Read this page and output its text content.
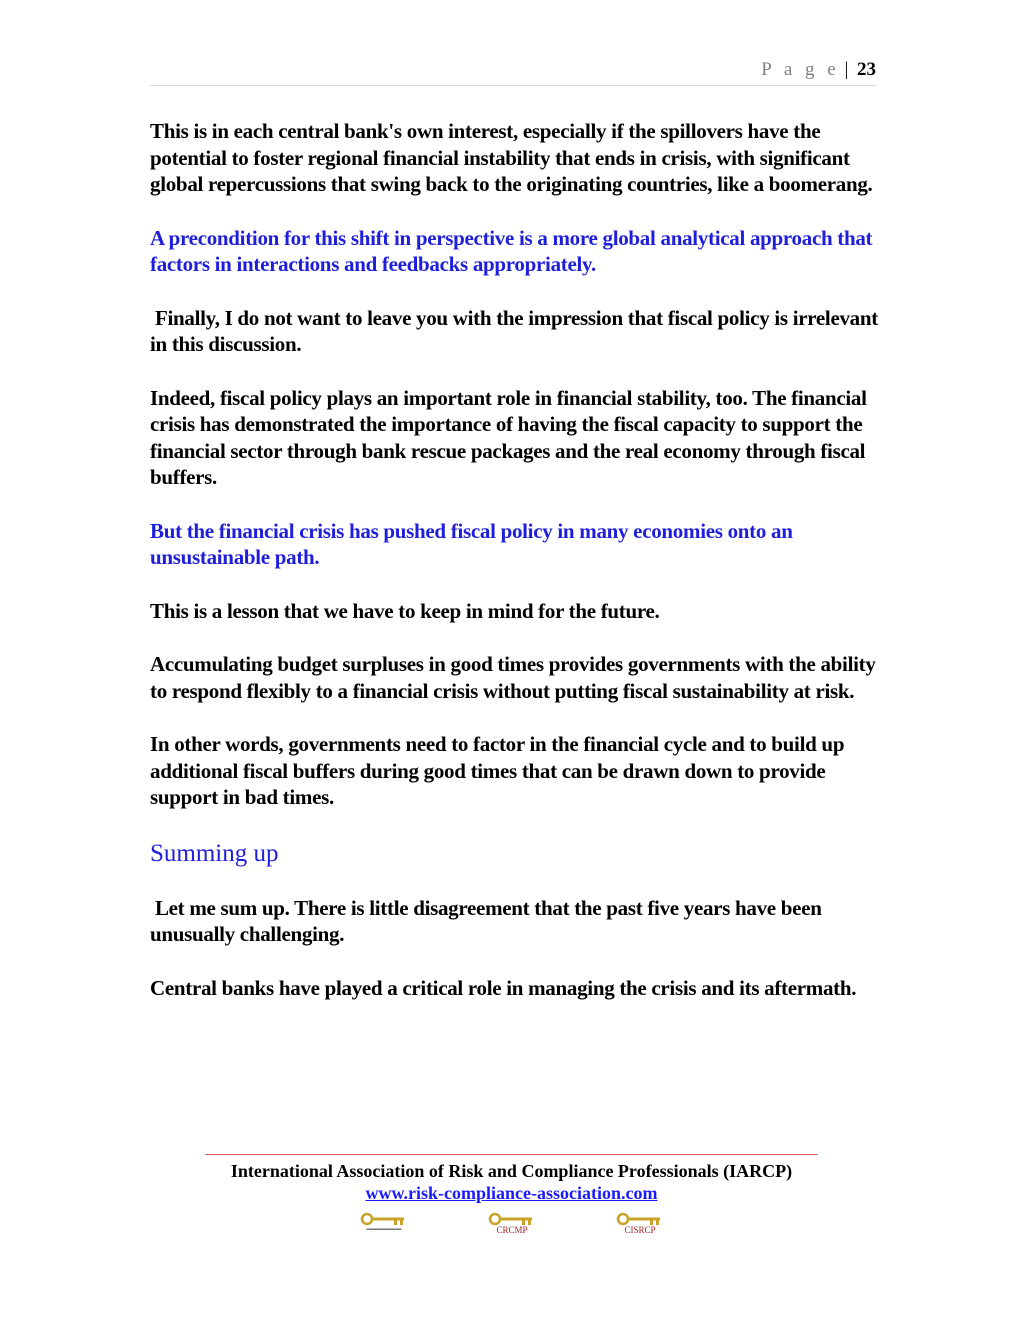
P a g e | 23

This is in each central bank's own interest, especially if the spillovers have the potential to foster regional financial instability that ends in crisis, with significant global repercussions that swing back to the originating countries, like a boomerang.

A precondition for this shift in perspective is a more global analytical approach that factors in interactions and feedbacks appropriately.

Finally, I do not want to leave you with the impression that fiscal policy is irrelevant in this discussion.

Indeed, fiscal policy plays an important role in financial stability, too. The financial crisis has demonstrated the importance of having the fiscal capacity to support the financial sector through bank rescue packages and the real economy through fiscal buffers.

But the financial crisis has pushed fiscal policy in many economies onto an unsustainable path.

This is a lesson that we have to keep in mind for the future.

Accumulating budget surpluses in good times provides governments with the ability to respond flexibly to a financial crisis without putting fiscal sustainability at risk.

In other words, governments need to factor in the financial cycle and to build up additional fiscal buffers during good times that can be drawn down to provide support in bad times.

Summing up

Let me sum up. There is little disagreement that the past five years have been unusually challenging.

Central banks have played a critical role in managing the crisis and its aftermath.

International Association of Risk and Compliance Professionals (IARCP)
www.risk-compliance-association.com
▬▬▬▬▬▬▬	CRCMP	CISRCP
